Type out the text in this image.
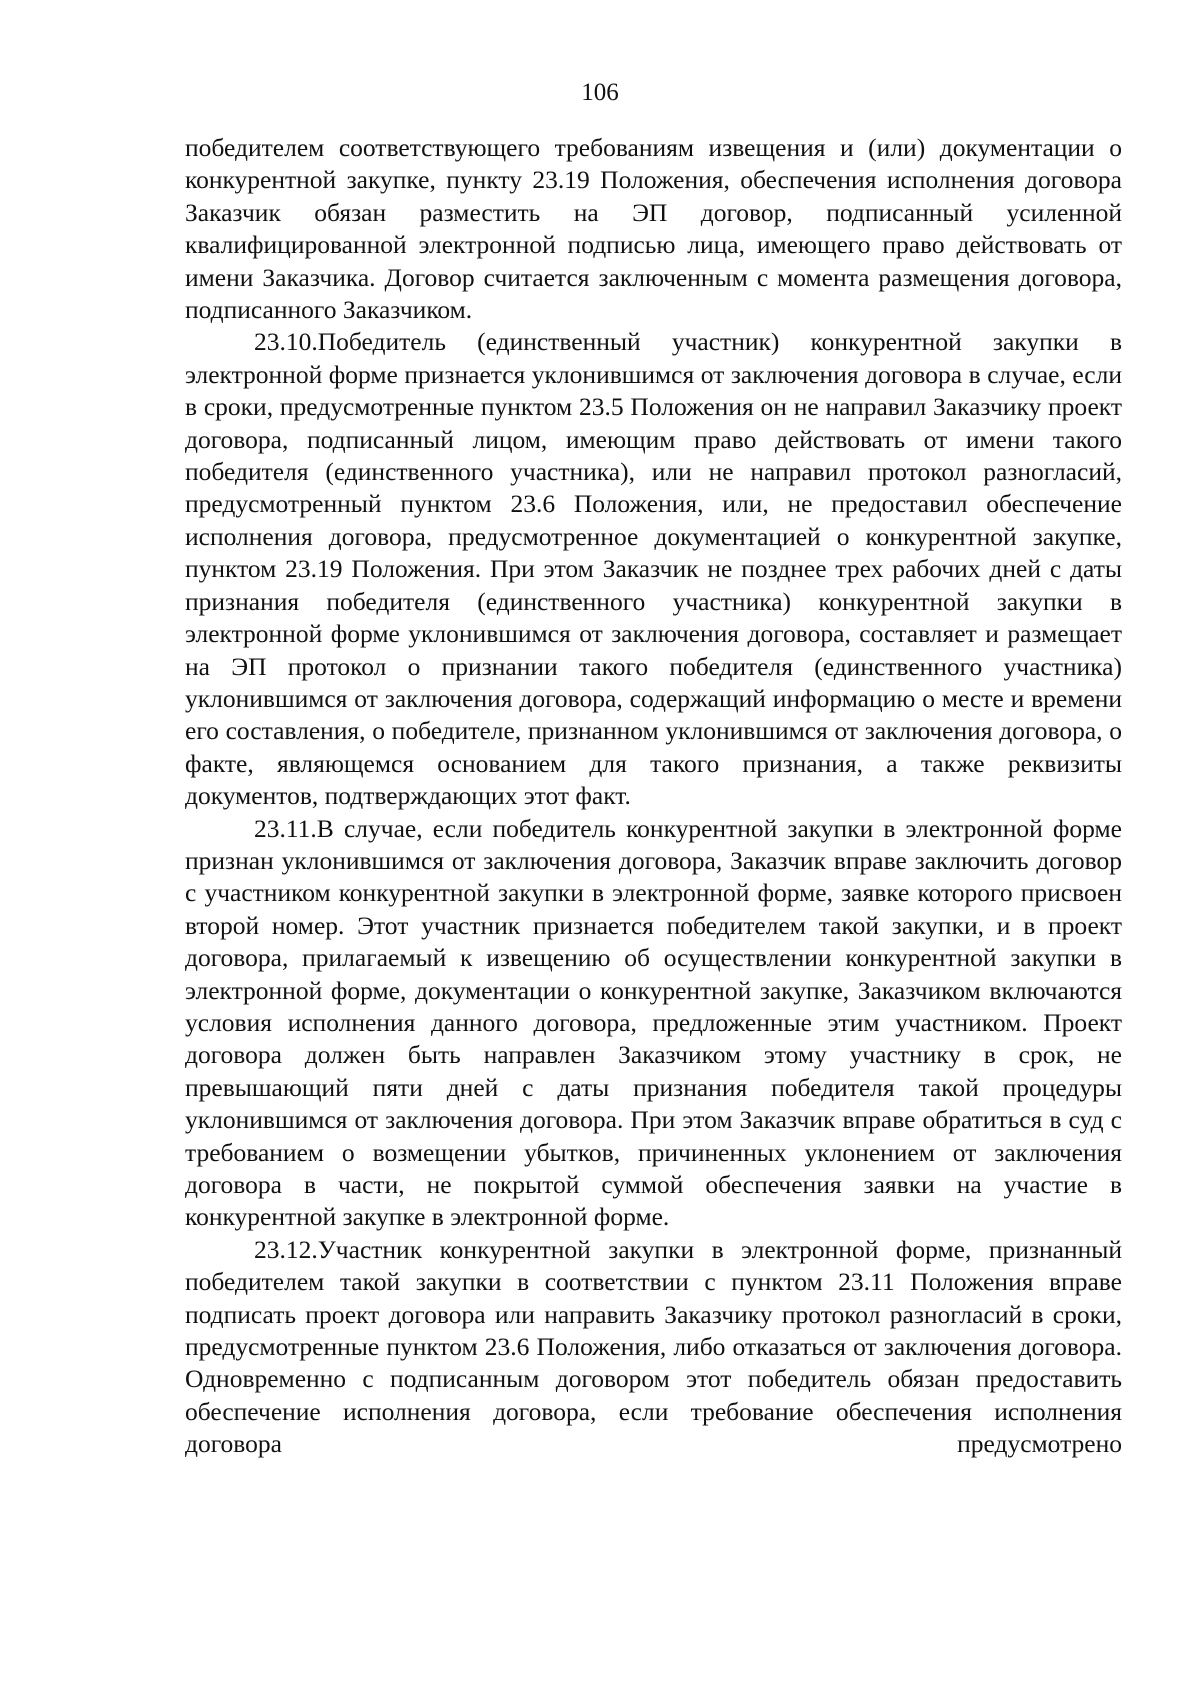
106

победителем соответствующего требованиям извещения и (или) документации о конкурентной закупке, пункту 23.19 Положения, обеспечения исполнения договора Заказчик обязан разместить на ЭП договор, подписанный усиленной квалифицированной электронной подписью лица, имеющего право действовать от имени Заказчика. Договор считается заключенным с момента размещения договора, подписанного Заказчиком.

23.10.Победитель (единственный участник) конкурентной закупки в электронной форме признается уклонившимся от заключения договора в случае, если в сроки, предусмотренные пунктом 23.5 Положения он не направил Заказчику проект договора, подписанный лицом, имеющим право действовать от имени такого победителя (единственного участника), или не направил протокол разногласий, предусмотренный пунктом 23.6 Положения, или, не предоставил обеспечение исполнения договора, предусмотренное документацией о конкурентной закупке, пунктом 23.19 Положения. При этом Заказчик не позднее трех рабочих дней с даты признания победителя (единственного участника) конкурентной закупки в электронной форме уклонившимся от заключения договора, составляет и размещает на ЭП протокол о признании такого победителя (единственного участника) уклонившимся от заключения договора, содержащий информацию о месте и времени его составления, о победителе, признанном уклонившимся от заключения договора, о факте, являющемся основанием для такого признания, а также реквизиты документов, подтверждающих этот факт.

23.11.В случае, если победитель конкурентной закупки в электронной форме признан уклонившимся от заключения договора, Заказчик вправе заключить договор с участником конкурентной закупки в электронной форме, заявке которого присвоен второй номер. Этот участник признается победителем такой закупки, и в проект договора, прилагаемый к извещению об осуществлении конкурентной закупки в электронной форме, документации о конкурентной закупке, Заказчиком включаются условия исполнения данного договора, предложенные этим участником. Проект договора должен быть направлен Заказчиком этому участнику в срок, не превышающий пяти дней с даты признания победителя такой процедуры уклонившимся от заключения договора. При этом Заказчик вправе обратиться в суд с требованием о возмещении убытков, причиненных уклонением от заключения договора в части, не покрытой суммой обеспечения заявки на участие в конкурентной закупке в электронной форме.

23.12.Участник конкурентной закупки в электронной форме, признанный победителем такой закупки в соответствии с пунктом 23.11 Положения вправе подписать проект договора или направить Заказчику протокол разногласий в сроки, предусмотренные пунктом 23.6 Положения, либо отказаться от заключения договора. Одновременно с подписанным договором этот победитель обязан предоставить обеспечение исполнения договора, если требование обеспечения исполнения договора предусмотрено
